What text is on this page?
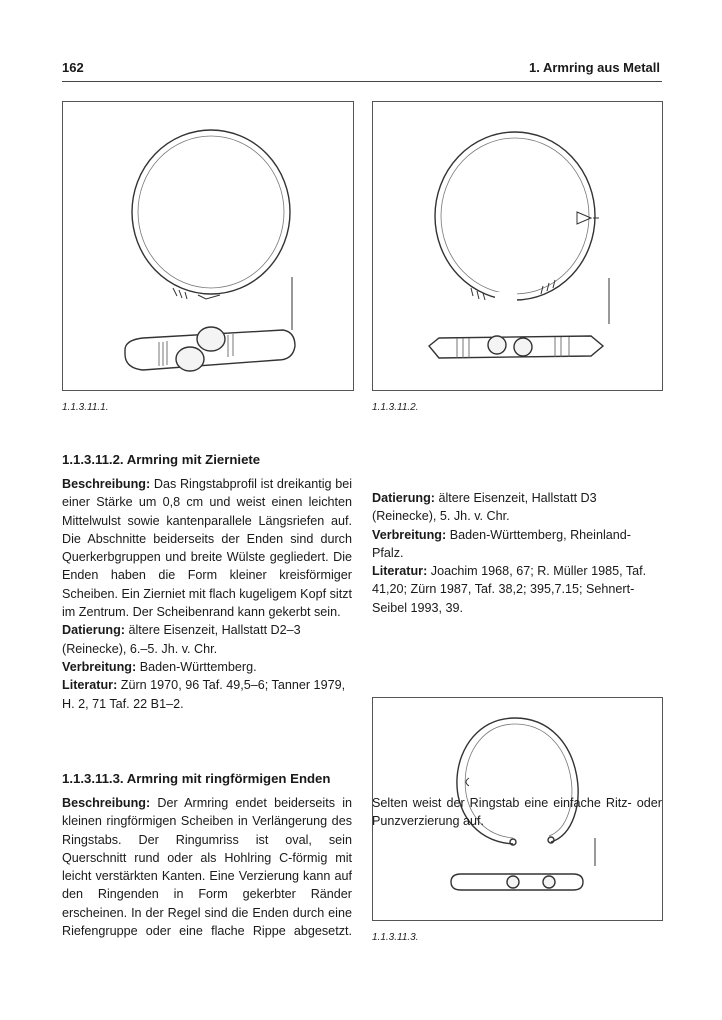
162	1. Armring aus Metall
1.1.3.11.1.	1.1.3.11.2.
1.1.3.11.3.
1.1.3.11.2. Armring mit Zierniete

Beschreibung: Das Ringstabprofil ist dreikantig bei einer Stärke um 0,8 cm und weist einen leichten Mittelwulst sowie kantenparallele Längsriefen auf. Die Abschnitte beiderseits der Enden sind durch Querkerbgruppen und breite Wülste gegliedert. Die Enden haben die Form kleiner kreisförmiger Scheiben. Ein Zierniet mit flach kugeligem Kopf sitzt im Zentrum. Der Scheibenrand kann gekerbt sein.

Datierung: ältere Eisenzeit, Hallstatt D2–3 (Reinecke), 6.–5. Jh. v. Chr.

Verbreitung: Baden-Württemberg.

Literatur: Zürn 1970, 96 Taf. 49,5–6; Tanner 1979, H. 2, 71 Taf. 22 B1–2.

1.1.3.11.3. Armring mit ringförmigen Enden

Beschreibung: Der Armring endet beiderseits in kleinen ringförmigen Scheiben in Verlängerung des Ringstabs. Der Ringumriss ist oval, sein Querschnitt rund oder als Hohlring C-förmig mit leicht verstärkten Kanten. Eine Verzierung kann auf den Ringenden in Form gekerbter Ränder erscheinen. In der Regel sind die Enden durch eine Riefengruppe oder eine flache Rippe abgesetzt. Selten weist der Ringstab eine einfache Ritz- oder Punzverzierung auf.

Datierung: ältere Eisenzeit, Hallstatt D3 (Reinecke), 5. Jh. v. Chr.

Verbreitung: Baden-Württemberg, Rheinland-Pfalz.

Literatur: Joachim 1968, 67; R. Müller 1985, Taf. 41,20; Zürn 1987, Taf. 38,2; 395,7.15; Sehnert-Seibel 1993, 39.
